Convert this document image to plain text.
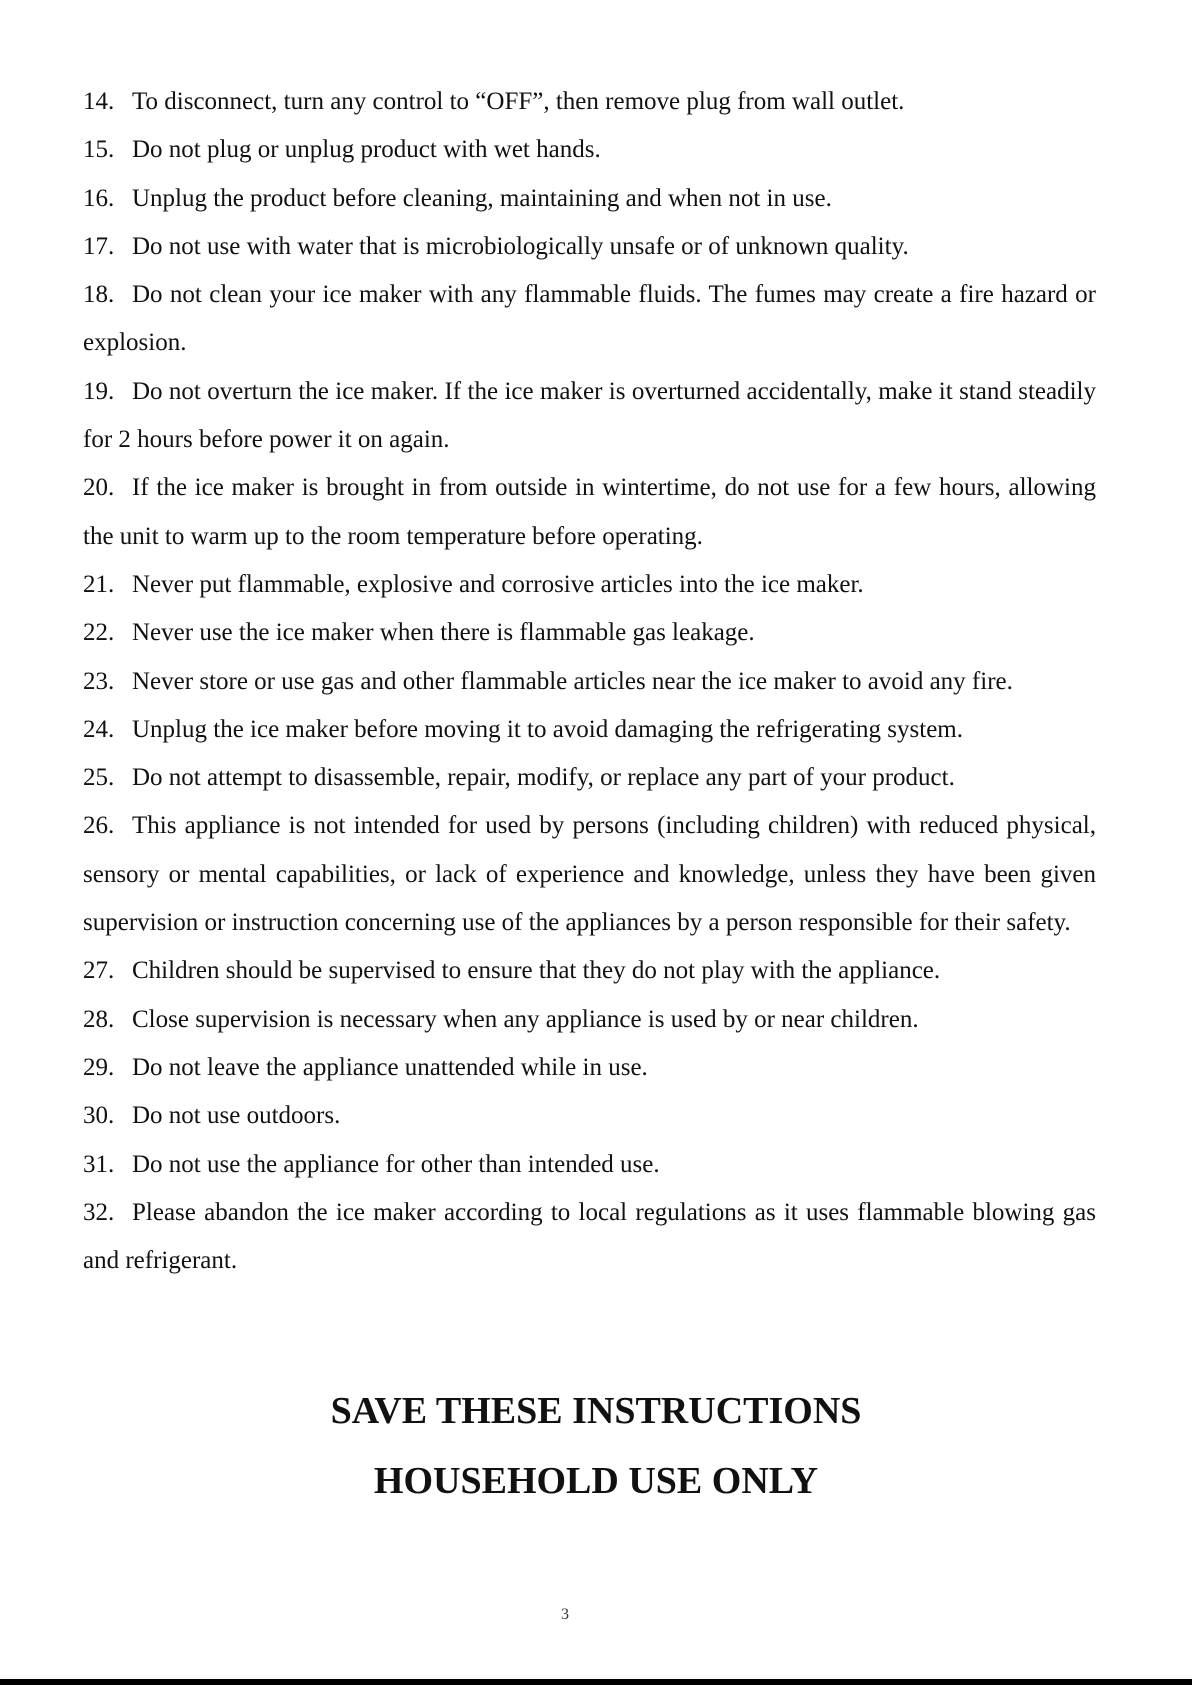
14. To disconnect, turn any control to “OFF”, then remove plug from wall outlet.

15. Do not plug or unplug product with wet hands.

16. Unplug the product before cleaning, maintaining and when not in use.

17. Do not use with water that is microbiologically unsafe or of unknown quality.

18. Do not clean your ice maker with any flammable fluids. The fumes may create a fire hazard or explosion.

19. Do not overturn the ice maker. If the ice maker is overturned accidentally, make it stand steadily for 2 hours before power it on again.

20. If the ice maker is brought in from outside in wintertime, do not use for a few hours, allowing the unit to warm up to the room temperature before operating.

21. Never put flammable, explosive and corrosive articles into the ice maker.

22. Never use the ice maker when there is flammable gas leakage.

23. Never store or use gas and other flammable articles near the ice maker to avoid any fire.

24. Unplug the ice maker before moving it to avoid damaging the refrigerating system.

25. Do not attempt to disassemble, repair, modify, or replace any part of your product.

26. This appliance is not intended for used by persons (including children) with reduced physical, sensory or mental capabilities, or lack of experience and knowledge, unless they have been given supervision or instruction concerning use of the appliances by a person responsible for their safety.

27. Children should be supervised to ensure that they do not play with the appliance.

28. Close supervision is necessary when any appliance is used by or near children.

29. Do not leave the appliance unattended while in use.

30. Do not use outdoors.

31. Do not use the appliance for other than intended use.

32. Please abandon the ice maker according to local regulations as it uses flammable blowing gas and refrigerant.

SAVE THESE INSTRUCTIONS
HOUSEHOLD USE ONLY
3
